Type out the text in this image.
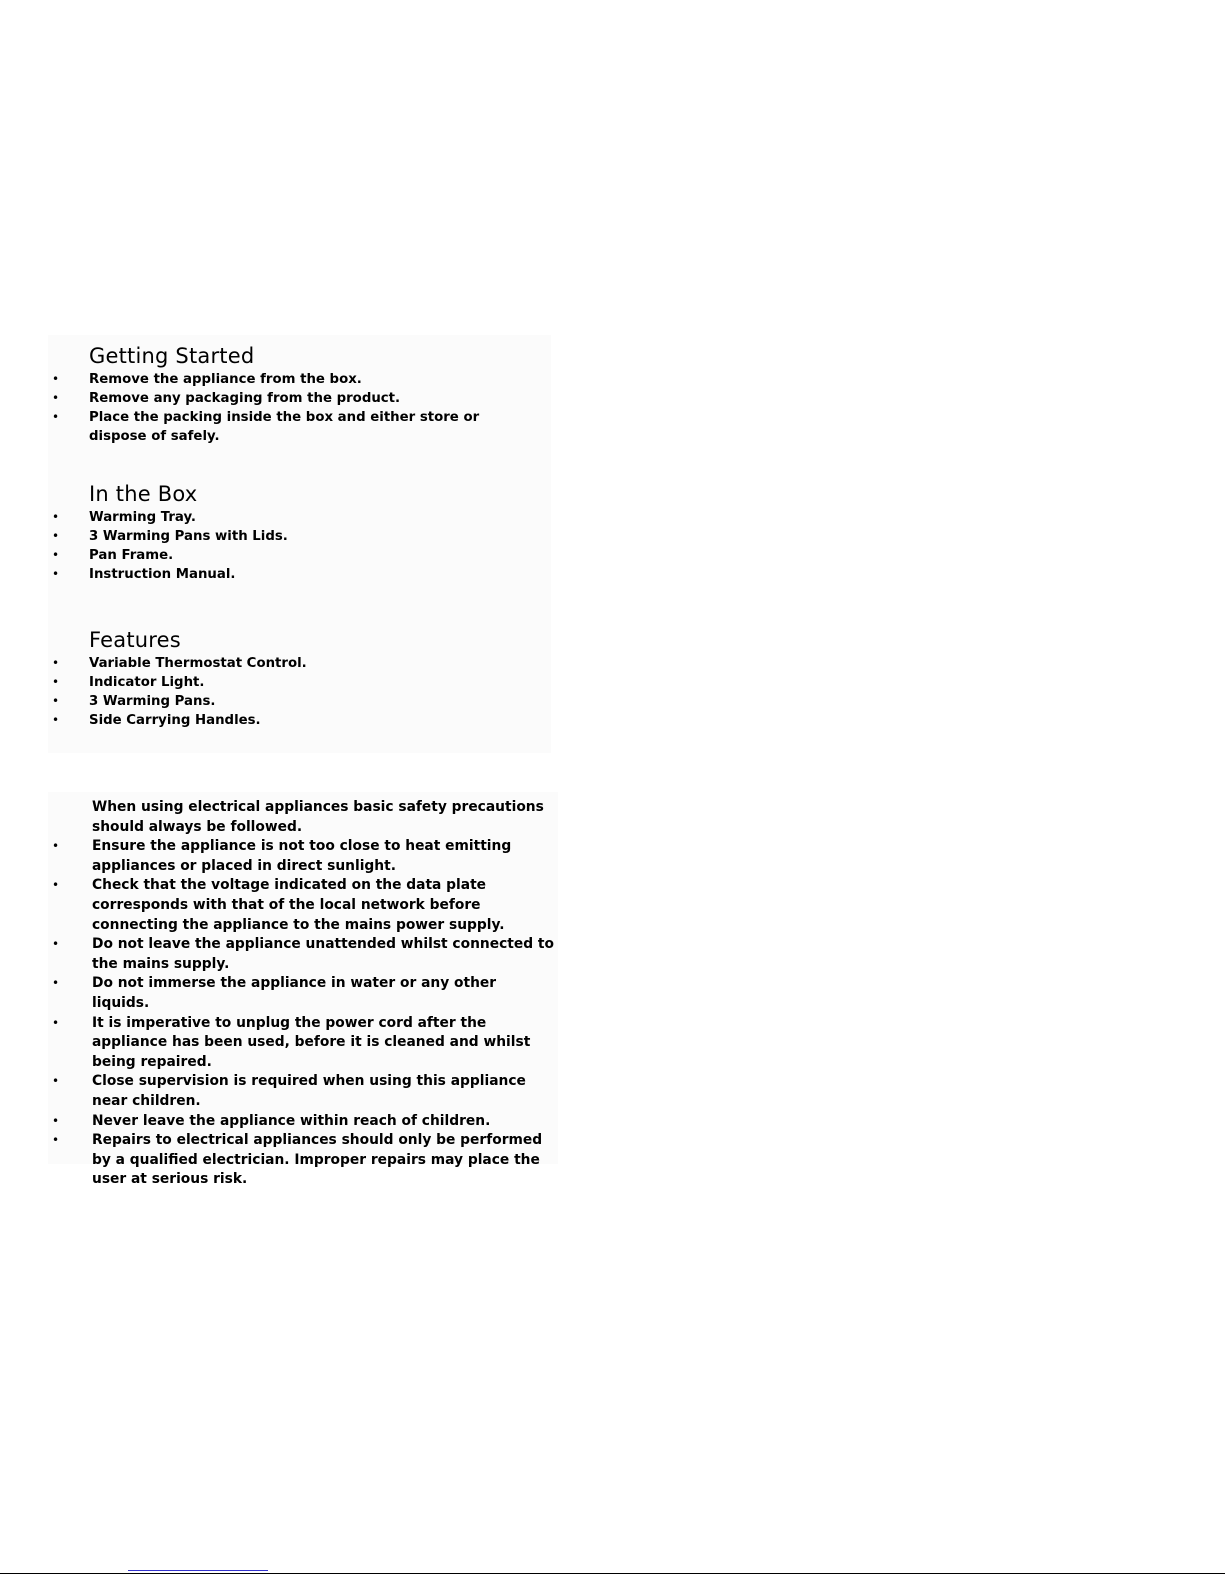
Getting Started
• Remove the appliance from the box.
• Remove any packaging from the product.
• Place the packing inside the box and either store or dispose of safely.
In the Box
• Warming Tray.
• 3 Warming Pans with Lids.
• Pan Frame.
• Instruction Manual.
Features
• Variable Thermostat Control.
• Indicator Light.
• 3 Warming Pans.
• Side Carrying Handles.

When using electrical appliances basic safety precautions should always be followed.

• Ensure the appliance is not too close to heat emitting appliances or placed in direct sunlight.
• Check that the voltage indicated on the data plate corresponds with that of the local network before connecting the appliance to the mains power supply.
• Do not leave the appliance unattended whilst connected to the mains supply.
• Do not immerse the appliance in water or any other liquids.
• It is imperative to unplug the power cord after the appliance has been used, before it is cleaned and whilst being repaired.
• Close supervision is required when using this appliance near children.
• Never leave the appliance within reach of children.
• Repairs to electrical appliances should only be performed by a qualified electrician. Improper repairs may place the user at serious risk.
